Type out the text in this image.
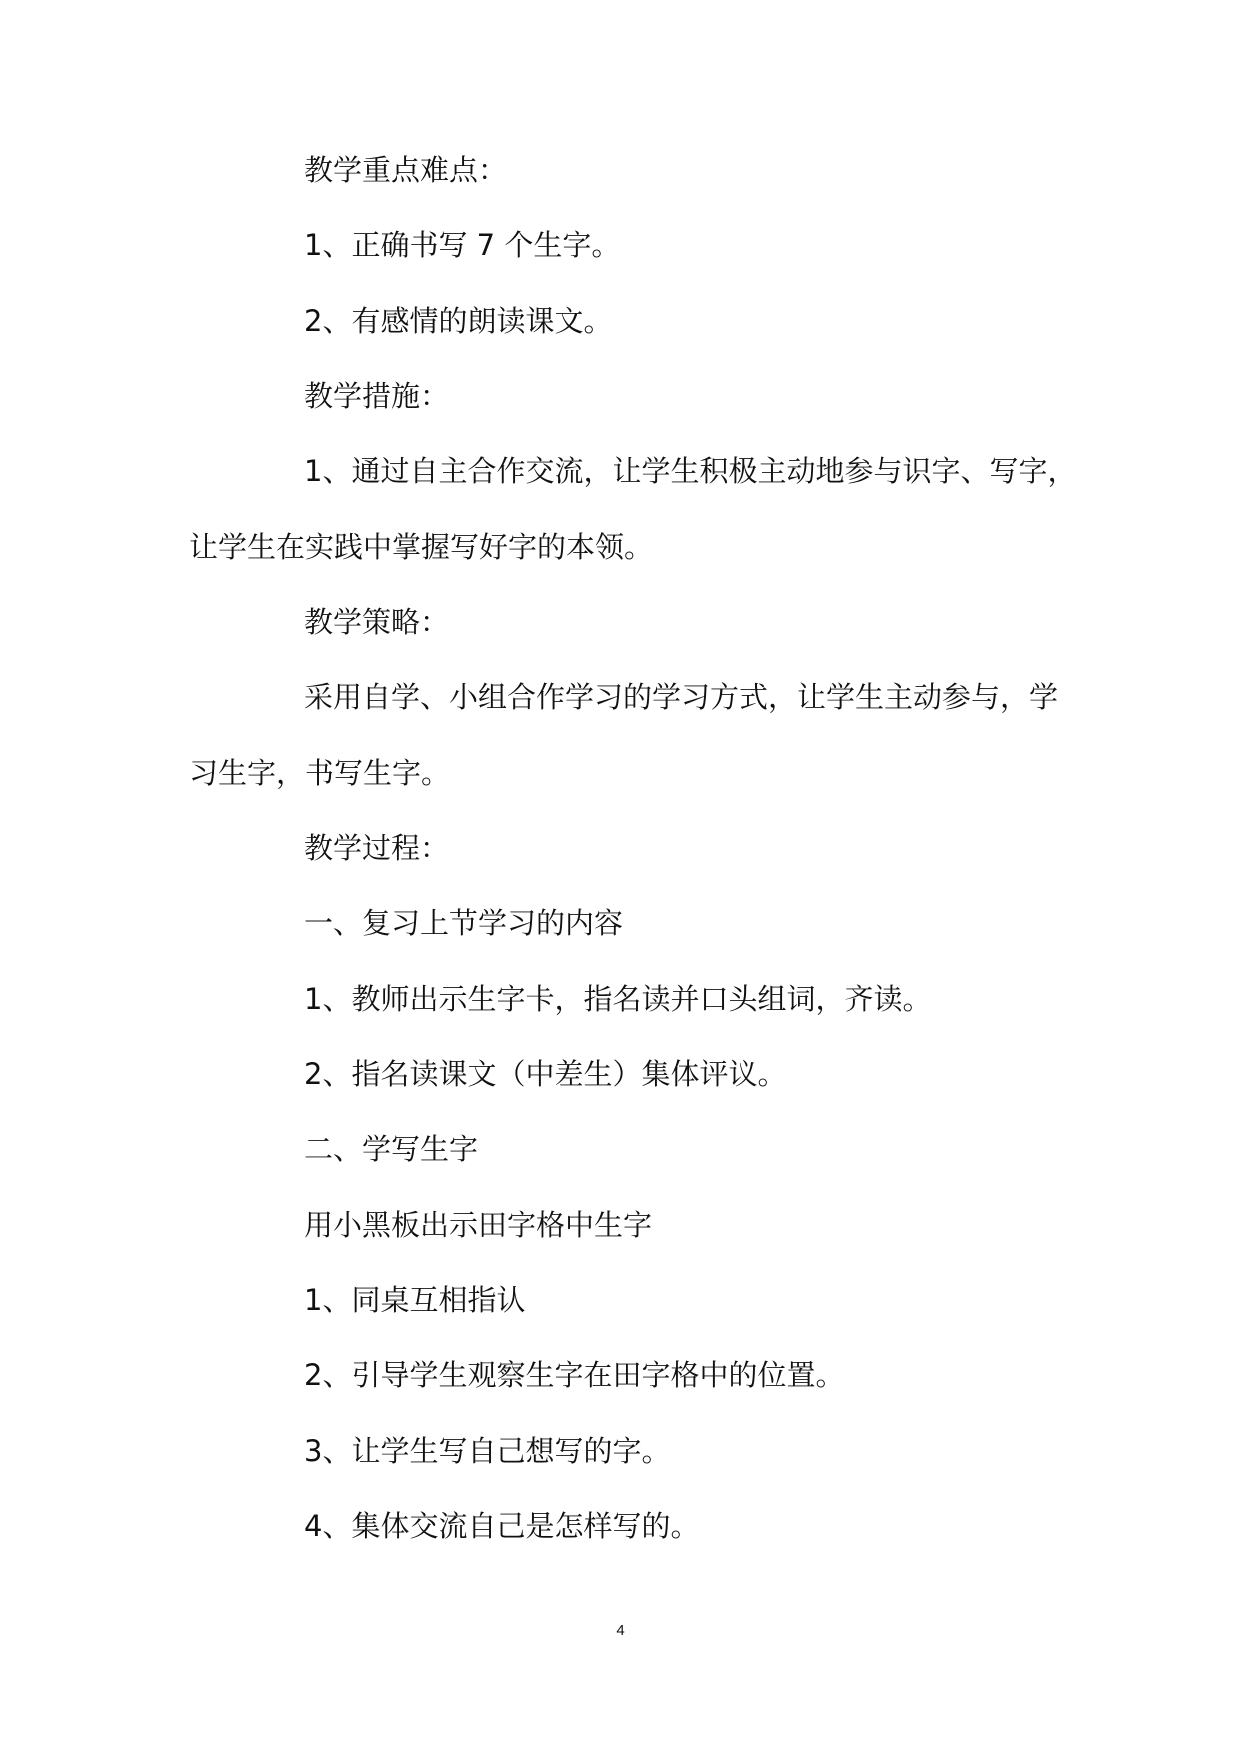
教学重点难点：
1、正确书写 7 个生字。
2、有感情的朗读课文。
教学措施：
1、通过自主合作交流，让学生积极主动地参与识字、写字，
让学生在实践中掌握写好字的本领。
教学策略：
采用自学、小组合作学习的学习方式，让学生主动参与，学
习生字，书写生字。
教学过程：
一、复习上节学习的内容
1、教师出示生字卡，指名读并口头组词，齐读。
2、指名读课文（中差生）集体评议。
二、学写生字
用小黑板出示田字格中生字
1、同桌互相指认
2、引导学生观察生字在田字格中的位置。
3、让学生写自己想写的字。
4、集体交流自己是怎样写的。
4
